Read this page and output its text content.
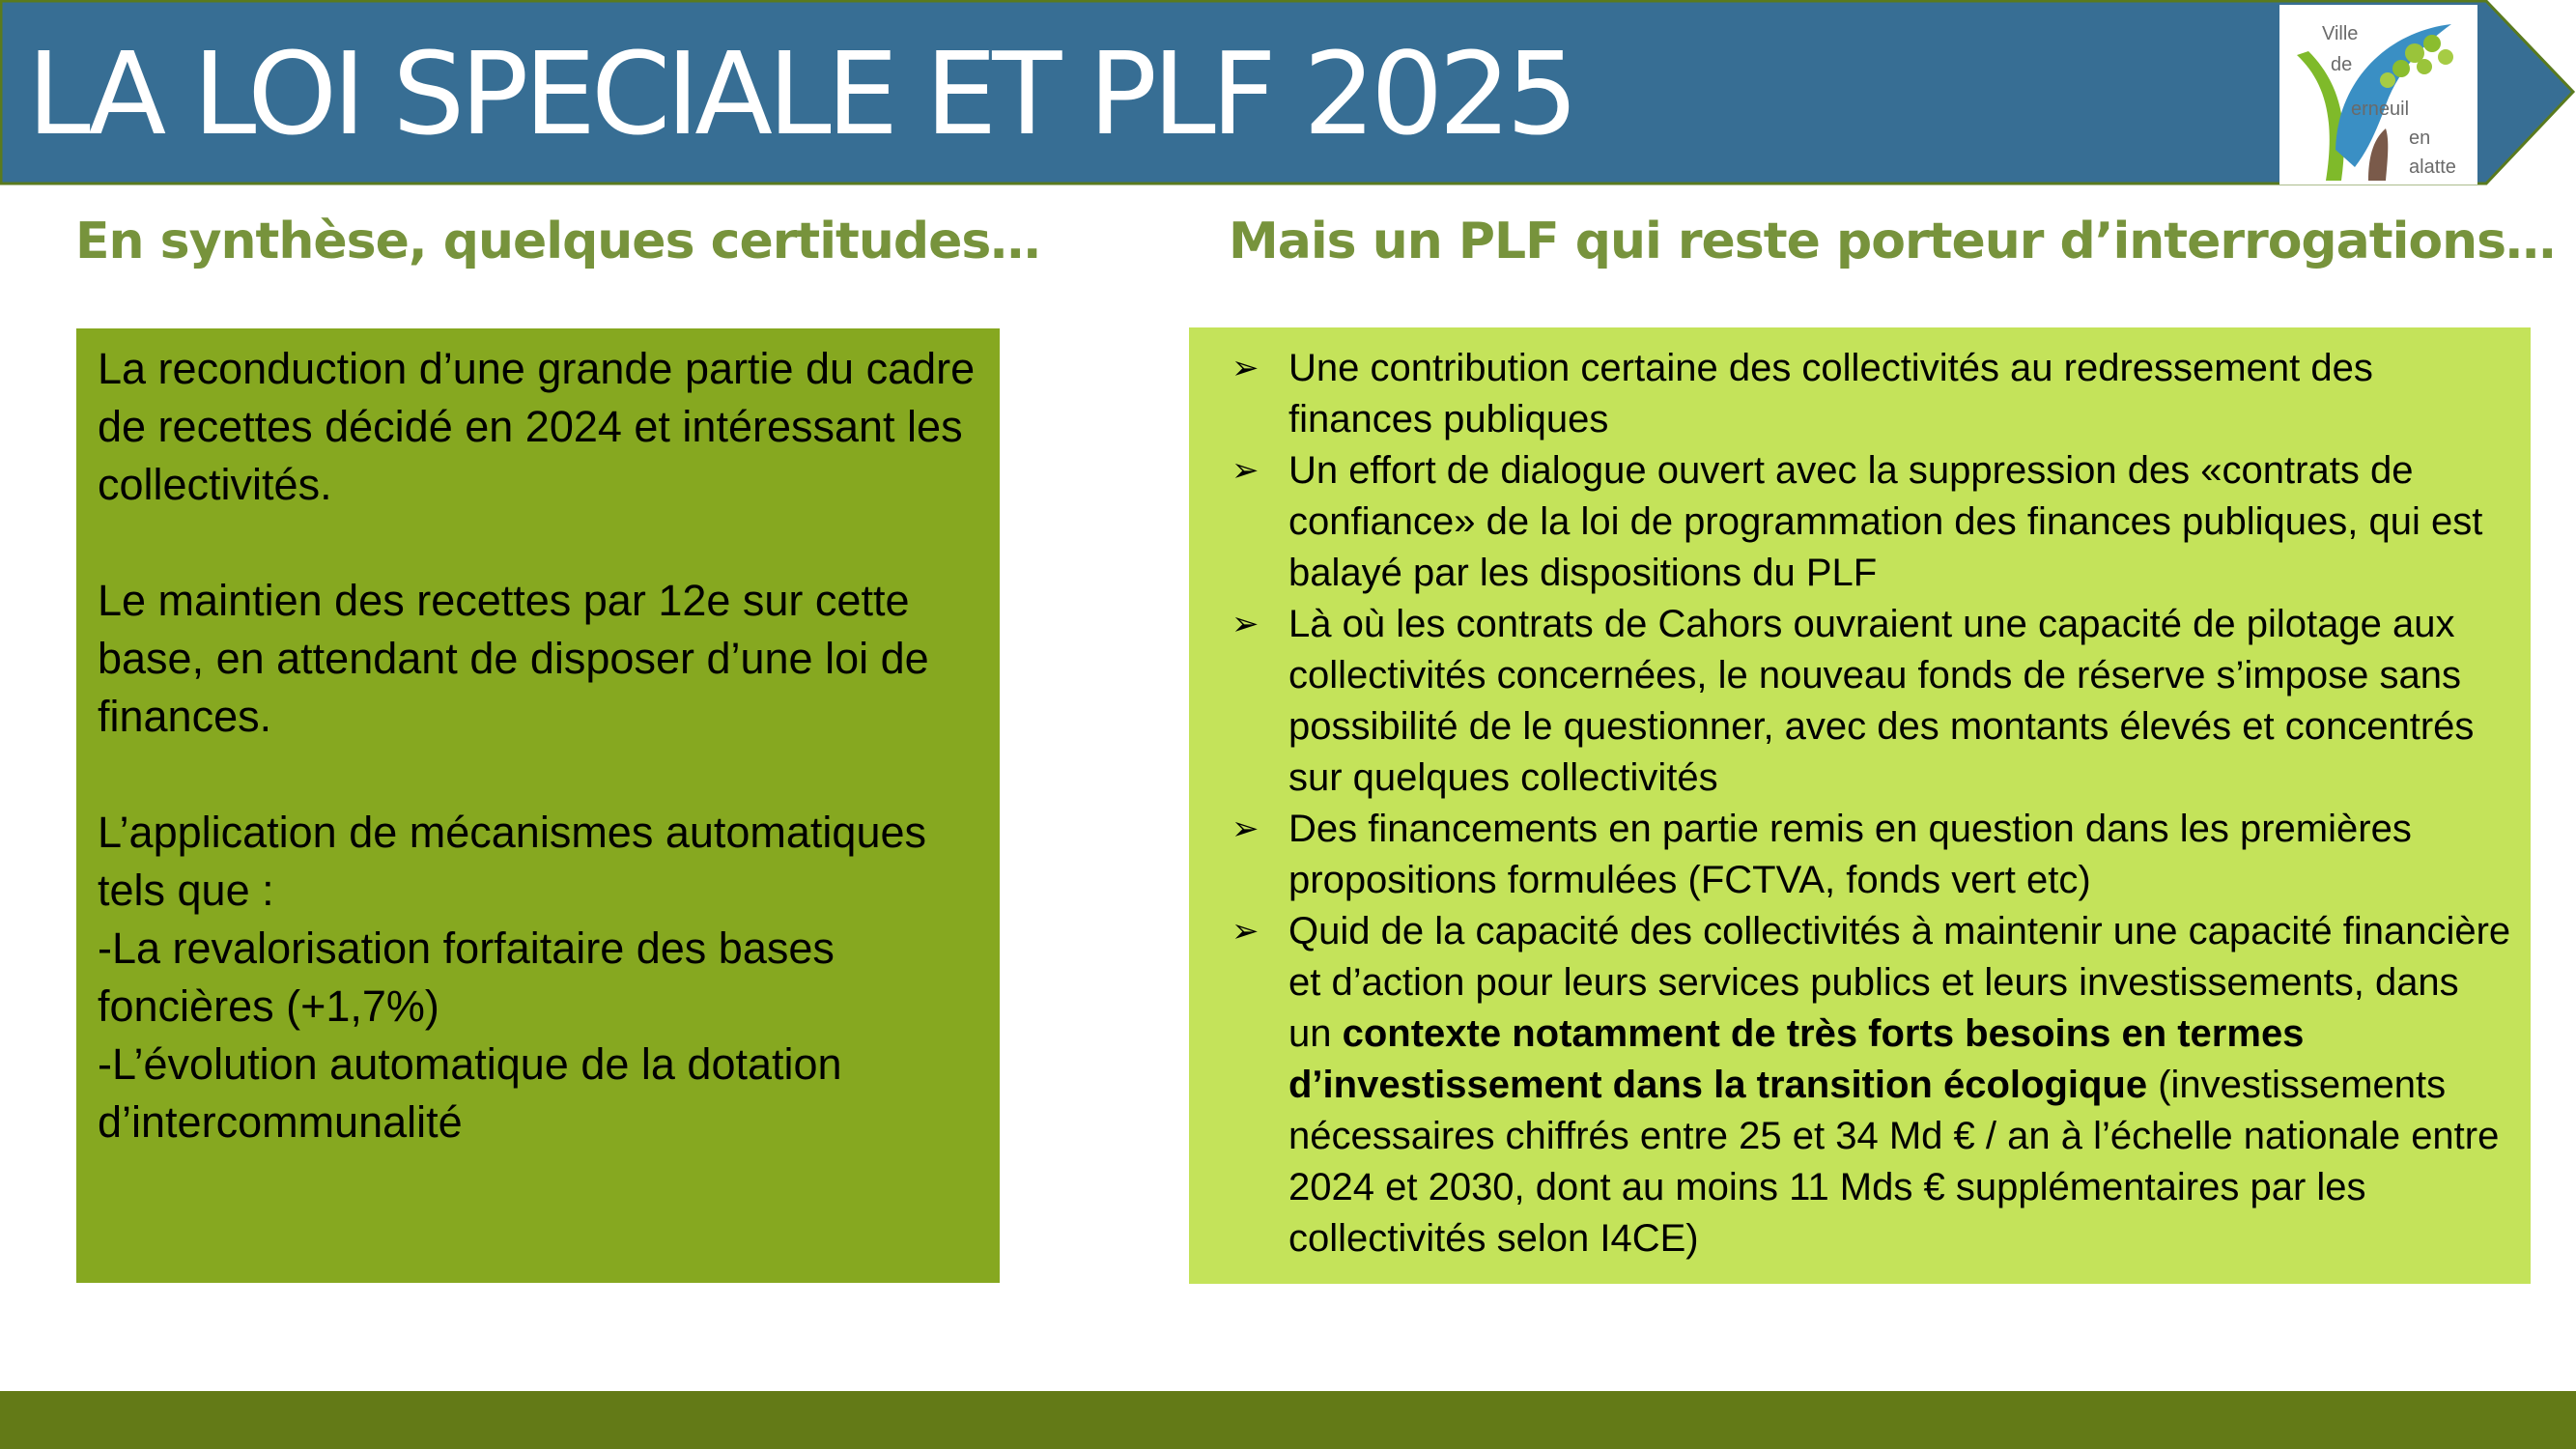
LA LOI SPECIALE ET PLF 2025	Ville
de
erneuil
en
alatte
En synthèse, quelques certitudes…	Mais un PLF qui reste porteur d’interrogations…

La reconduction d’une grande partie du cadre de recettes décidé en 2024 et intéressant les collectivités.

Le maintien des recettes par 12e sur cette base, en attendant de disposer d’une loi de finances.

L’application de mécanismes automatiques tels que :

-La revalorisation forfaitaire des bases foncières (+1,7%)

-L’évolution automatique de la dotation d’intercommunalité

➢ Une contribution certaine des collectivités au redressement des finances publiques
➢ Un effort de dialogue ouvert avec la suppression des «contrats de confiance» de la loi de programmation des finances publiques, qui est balayé par les dispositions du PLF
➢ Là où les contrats de Cahors ouvraient une capacité de pilotage aux collectivités concernées, le nouveau fonds de réserve s’impose sans possibilité de le questionner, avec des montants élevés et concentrés sur quelques collectivités
➢ Des financements en partie remis en question dans les premières propositions formulées (FCTVA, fonds vert etc)
➢ Quid de la capacité des collectivités à maintenir une capacité financière et d’action pour leurs services publics et leurs investissements, dans un contexte notamment de très forts besoins en termes d’investissement dans la transition écologique (investissements nécessaires chiffrés entre 25 et 34 Md € / an à l’échelle nationale entre 2024 et 2030, dont au moins 11 Mds € supplémentaires par les collectivités selon I4CE)
